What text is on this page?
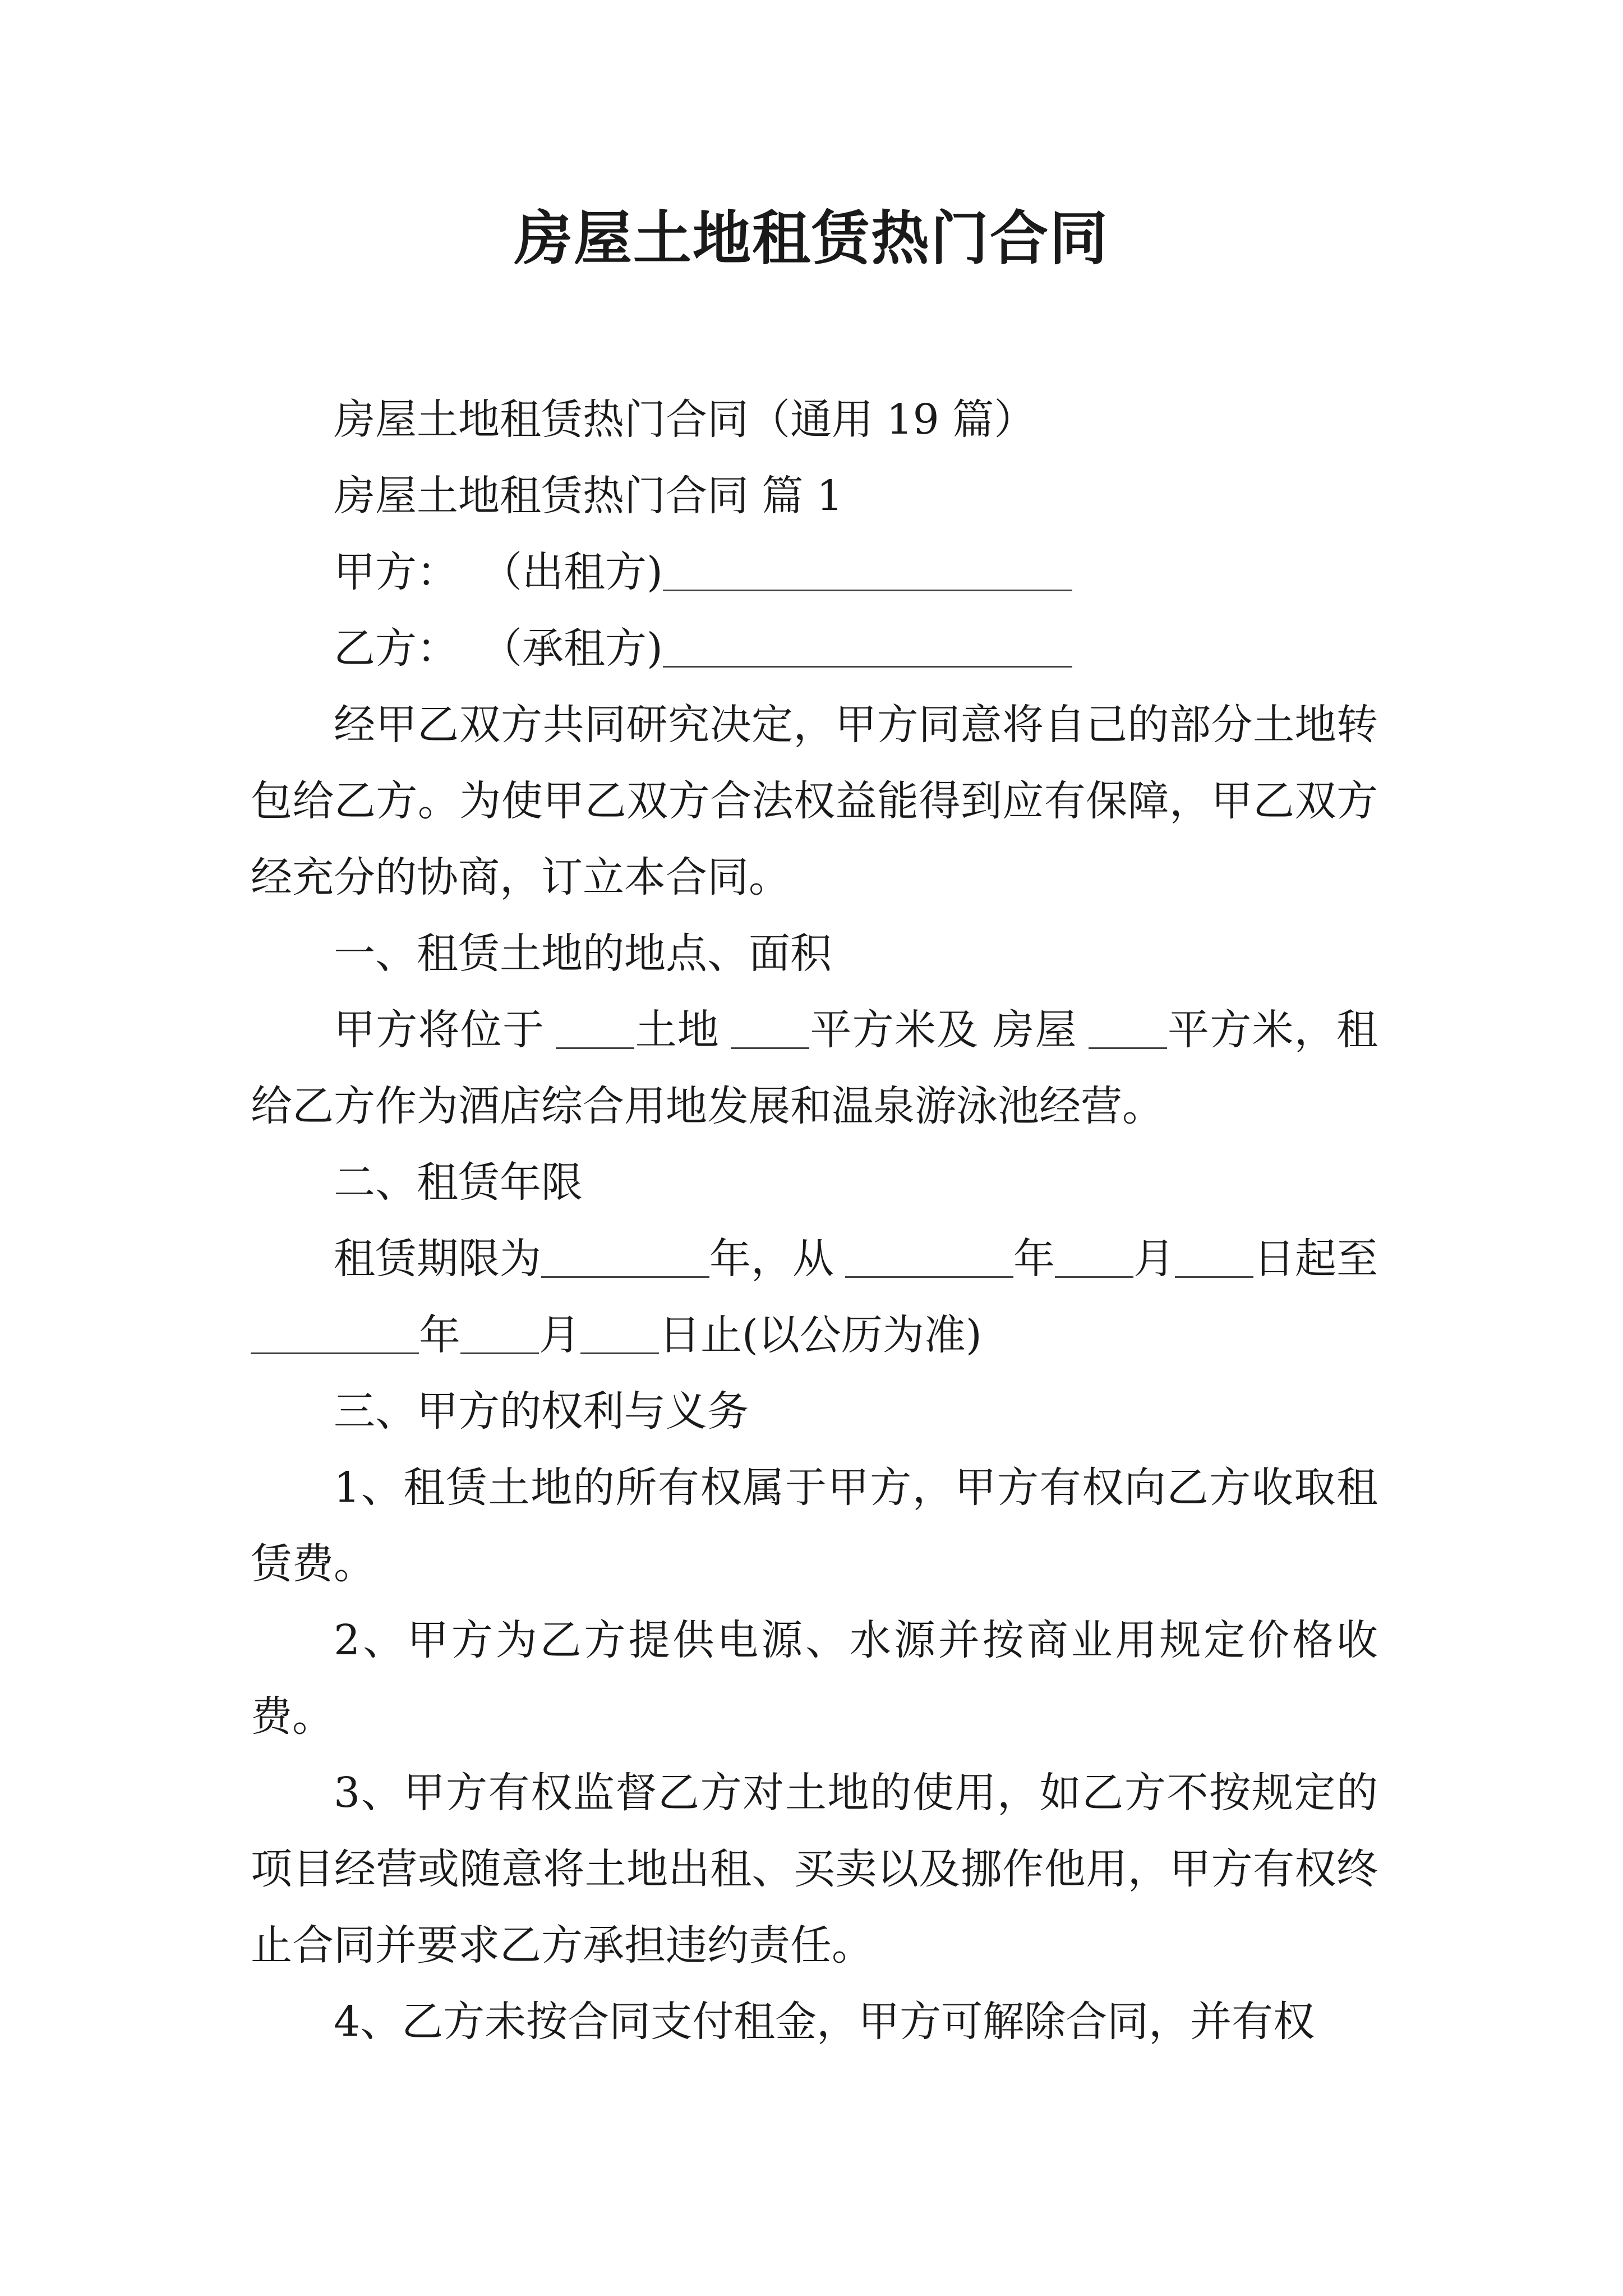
房屋土地租赁热门合同

房屋土地租赁热门合同（通用 19 篇）

房屋土地租赁热门合同 篇 1

甲方： （出租方)

乙方： （承租方)

经甲乙双方共同研究决定，甲方同意将自己的部分土地转包给乙方。为使甲乙双方合法权益能得到应有保障，甲乙双方经充分的协商，订立本合同。

一、租赁土地的地点、面积

甲方将位于 土地 平方米及 房屋 平方米，租给乙方作为酒店综合用地发展和温泉游泳池经营。

二、租赁年限

租赁期限为	年，从	年 月 日起至年 月 日止(以公历为准)

三、甲方的权利与义务

1、租赁土地的所有权属于甲方，甲方有权向乙方收取租赁费。

2、甲方为乙方提供电源、水源并按商业用规定价格收费。

3、甲方有权监督乙方对土地的使用，如乙方不按规定的项目经营或随意将土地出租、买卖以及挪作他用，甲方有权终止合同并要求乙方承担违约责任。

4、乙方未按合同支付租金，甲方可解除合同，并有权
